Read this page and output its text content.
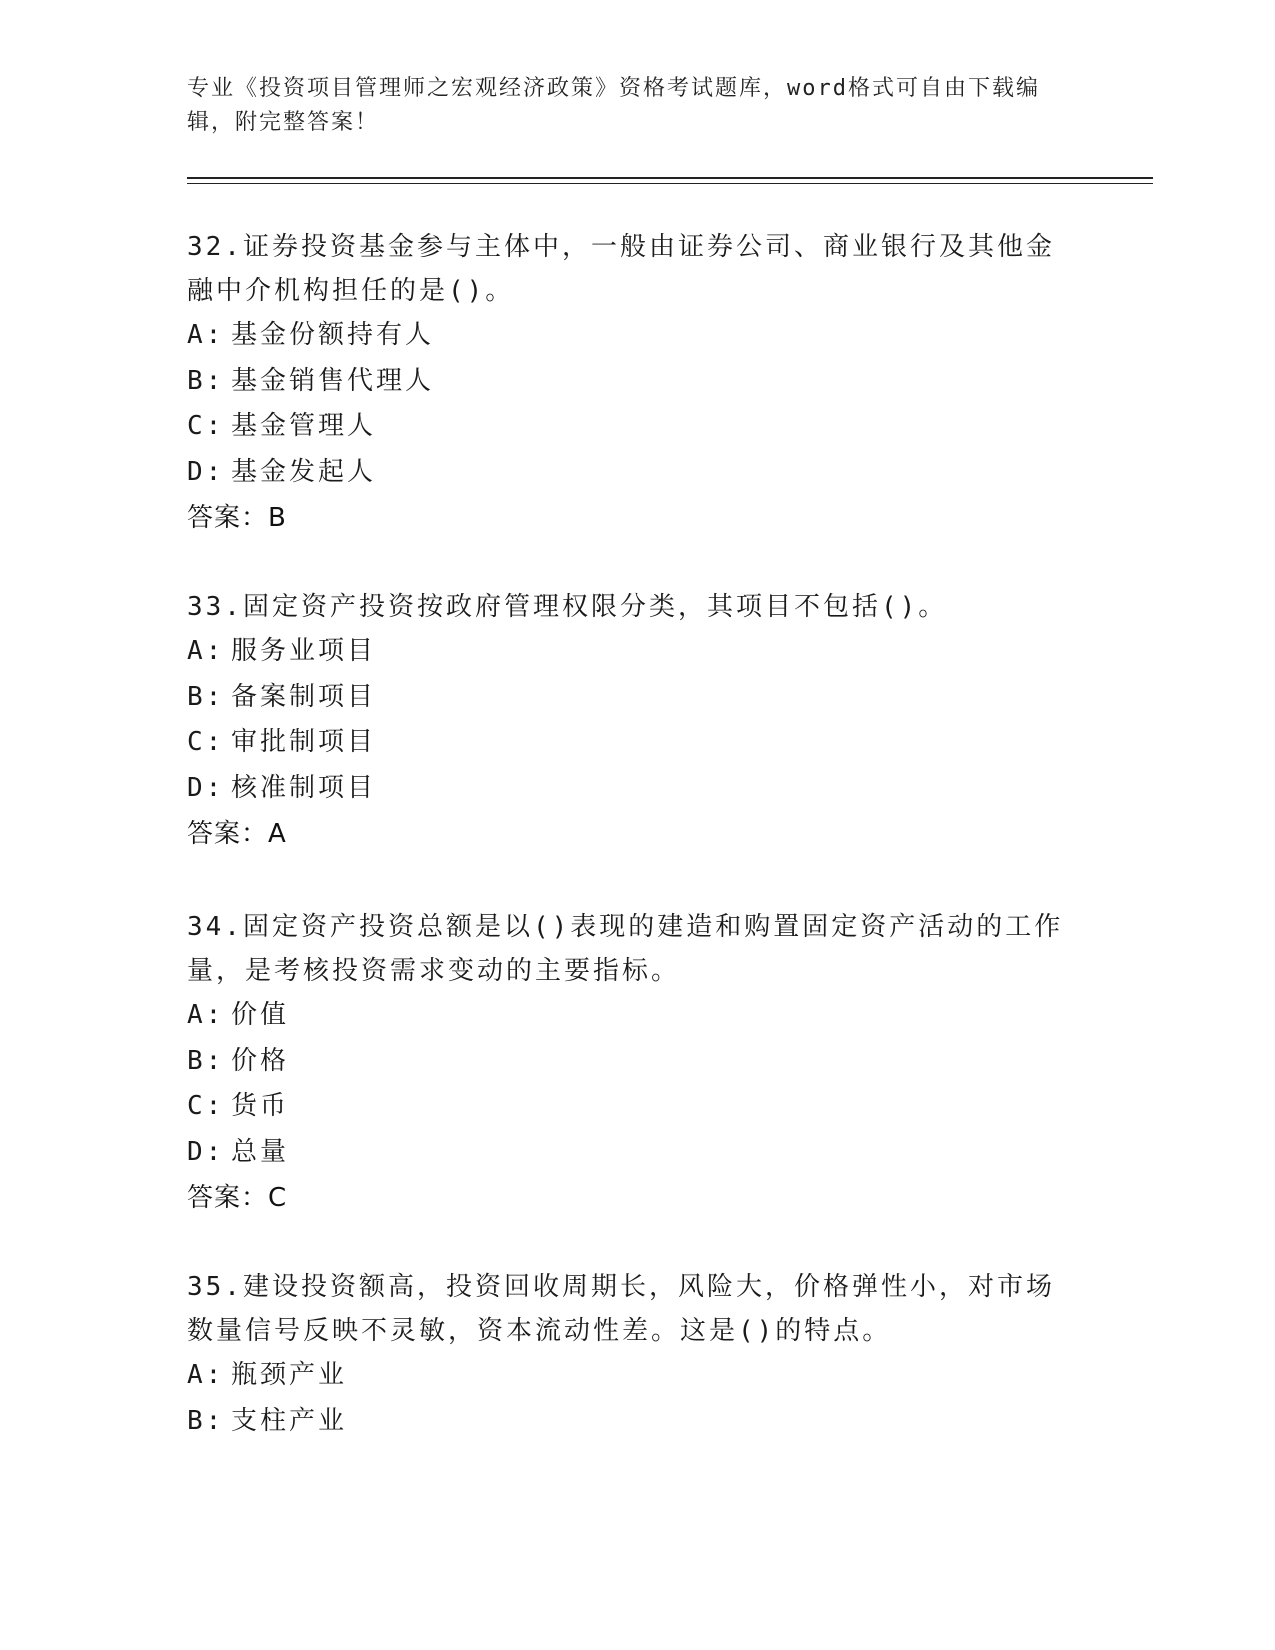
专业《投资项目管理师之宏观经济政策》资格考试题库，word格式可自由下载编辑，附完整答案！

32.证券投资基金参与主体中，一般由证券公司、商业银行及其他金融中介机构担任的是()。

A: 基金份额持有人

B: 基金销售代理人

C: 基金管理人

D: 基金发起人

答案：B

33.固定资产投资按政府管理权限分类，其项目不包括()。

A: 服务业项目

B: 备案制项目

C: 审批制项目

D: 核准制项目

答案：A

34.固定资产投资总额是以()表现的建造和购置固定资产活动的工作量，是考核投资需求变动的主要指标。

A: 价值

B: 价格

C: 货币

D: 总量

答案：C

35.建设投资额高，投资回收周期长，风险大，价格弹性小，对市场数量信号反映不灵敏，资本流动性差。这是()的特点。

A: 瓶颈产业

B: 支柱产业
